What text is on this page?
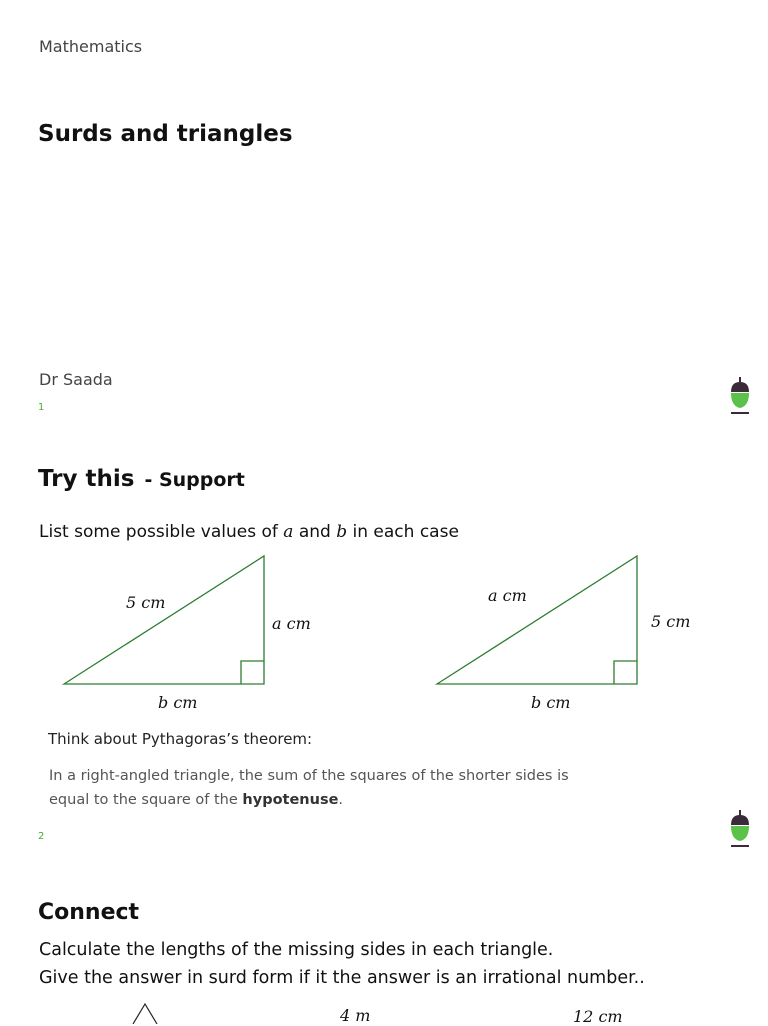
Mathematics
Surds and triangles
Dr Saada
1
Try this - Support
List some possible values of a and b in each case
5 cm
a cm
b cm
a cm
5 cm
b cm
Think about Pythagoras’s theorem:
In a right-angled triangle, the sum of the squares of the shorter sides is equal to the square of the hypotenuse.
2
Connect
Calculate the lengths of the missing sides in each triangle.
Give the answer in surd form if it the answer is an irrational number..
4 m	12 cm
